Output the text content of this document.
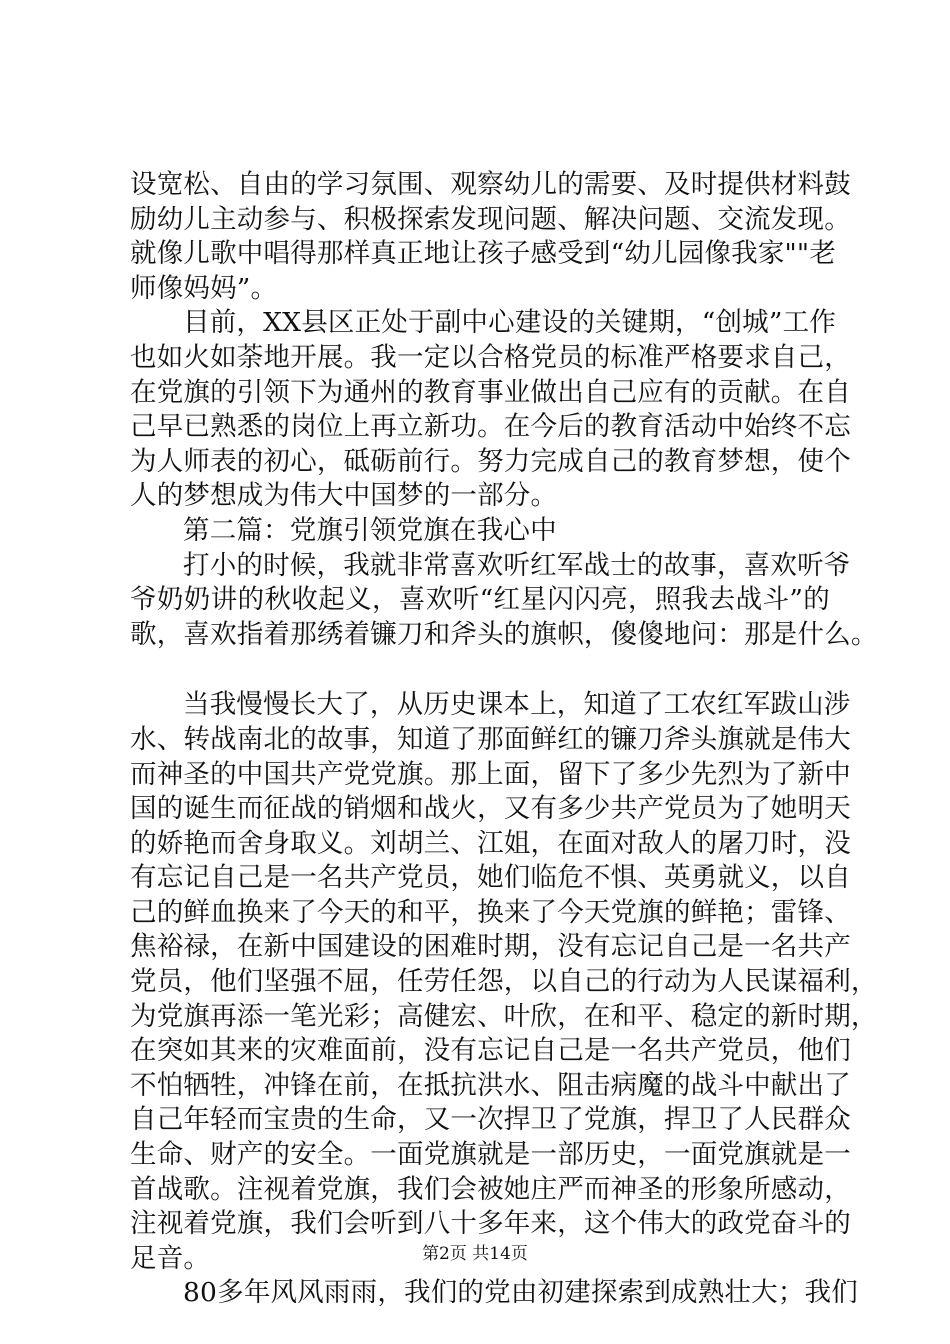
设宽松、自由的学习氛围、观察幼儿的需要、及时提供材料鼓
励幼儿主动参与、积极探索发现问题、解决问题、交流发现。
就像儿歌中唱得那样真正地让孩子感受到“幼儿园像我家""老
师像妈妈”。
目前，XX县区正处于副中心建设的关键期，“创城”工作
也如火如荼地开展。我一定以合格党员的标准严格要求自己，
在党旗的引领下为通州的教育事业做出自己应有的贡献。在自
己早已熟悉的岗位上再立新功。在今后的教育活动中始终不忘
为人师表的初心，砥砺前行。努力完成自己的教育梦想，使个
人的梦想成为伟大中国梦的一部分。
第二篇：党旗引领党旗在我心中
打小的时候，我就非常喜欢听红军战士的故事，喜欢听爷
爷奶奶讲的秋收起义，喜欢听“红星闪闪亮，照我去战斗”的
歌，喜欢指着那绣着镰刀和斧头的旗帜，傻傻地问：那是什么。
当我慢慢长大了，从历史课本上，知道了工农红军跋山涉
水、转战南北的故事，知道了那面鲜红的镰刀斧头旗就是伟大
而神圣的中国共产党党旗。那上面，留下了多少先烈为了新中
国的诞生而征战的销烟和战火，又有多少共产党员为了她明天
的娇艳而舍身取义。刘胡兰、江姐，在面对敌人的屠刀时，没
有忘记自己是一名共产党员，她们临危不惧、英勇就义，以自
己的鲜血换来了今天的和平，换来了今天党旗的鲜艳；雷锋、
焦裕禄，在新中国建设的困难时期，没有忘记自己是一名共产
党员，他们坚强不屈，任劳任怨，以自己的行动为人民谋福利，
为党旗再添一笔光彩；高健宏、叶欣，在和平、稳定的新时期，
在突如其来的灾难面前，没有忘记自己是一名共产党员，他们
不怕牺牲，冲锋在前，在抵抗洪水、阻击病魔的战斗中献出了
自己年轻而宝贵的生命，又一次捍卫了党旗，捍卫了人民群众
生命、财产的安全。一面党旗就是一部历史，一面党旗就是一
首战歌。注视着党旗，我们会被她庄严而神圣的形象所感动，
注视着党旗，我们会听到八十多年来，这个伟大的政党奋斗的
足音。
80多年风风雨雨，我们的党由初建探索到成熟壮大；我们
第2页 共14页
